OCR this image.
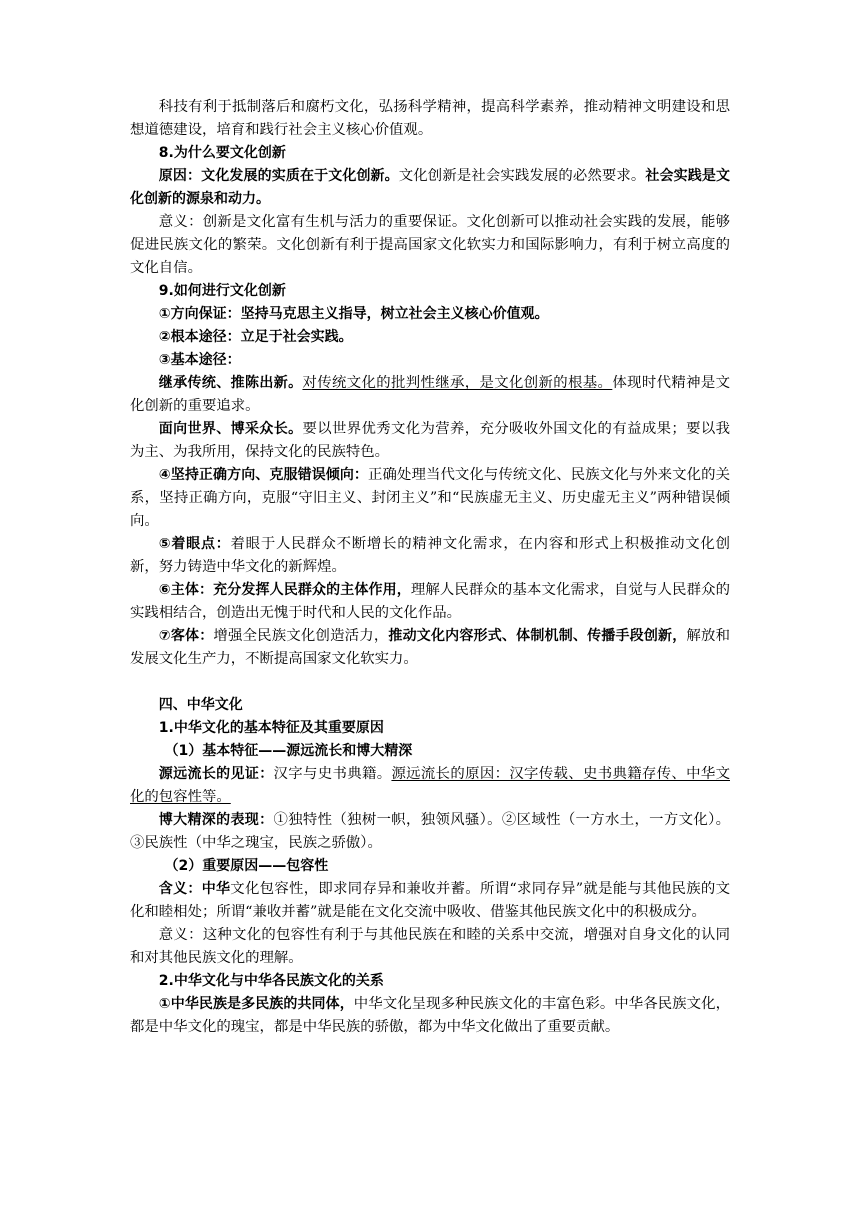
科技有利于抵制落后和腐朽文化，弘扬科学精神，提高科学素养，推动精神文明建设和思想道德建设，培育和践行社会主义核心价值观。

8.为什么要文化创新

原因：文化发展的实质在于文化创新。文化创新是社会实践发展的必然要求。社会实践是文化创新的源泉和动力。

意义：创新是文化富有生机与活力的重要保证。文化创新可以推动社会实践的发展，能够促进民族文化的繁荣。文化创新有利于提高国家文化软实力和国际影响力，有利于树立高度的文化自信。

9.如何进行文化创新

①方向保证：坚持马克思主义指导，树立社会主义核心价值观。

②根本途径：立足于社会实践。

③基本途径：

继承传统、推陈出新。对传统文化的批判性继承，是文化创新的根基。体现时代精神是文化创新的重要追求。

面向世界、博采众长。要以世界优秀文化为营养，充分吸收外国文化的有益成果；要以我为主、为我所用，保持文化的民族特色。

④坚持正确方向、克服错误倾向：正确处理当代文化与传统文化、民族文化与外来文化的关系，坚持正确方向，克服“守旧主义、封闭主义”和“民族虚无主义、历史虚无主义”两种错误倾向。

⑤着眼点：着眼于人民群众不断增长的精神文化需求，在内容和形式上积极推动文化创新，努力铸造中华文化的新辉煌。

⑥主体：充分发挥人民群众的主体作用，理解人民群众的基本文化需求，自觉与人民群众的实践相结合，创造出无愧于时代和人民的文化作品。

⑦客体：增强全民族文化创造活力，推动文化内容形式、体制机制、传播手段创新，解放和发展文化生产力，不断提高国家文化软实力。

四、中华文化

1.中华文化的基本特征及其重要原因

（1）基本特征——源远流长和博大精深

源远流长的见证：汉字与史书典籍。源远流长的原因：汉字传载、史书典籍存传、中华文化的包容性等。

博大精深的表现：①独特性（独树一帜，独领风骚）。②区域性（一方水土，一方文化）。③民族性（中华之瑰宝，民族之骄傲）。

（2）重要原因——包容性

含义：中华文化包容性，即求同存异和兼收并蓄。所谓“求同存异”就是能与其他民族的文化和睦相处；所谓“兼收并蓄”就是能在文化交流中吸收、借鉴其他民族文化中的积极成分。

意义：这种文化的包容性有利于与其他民族在和睦的关系中交流，增强对自身文化的认同和对其他民族文化的理解。

2.中华文化与中华各民族文化的关系

①中华民族是多民族的共同体，中华文化呈现多种民族文化的丰富色彩。中华各民族文化，都是中华文化的瑰宝，都是中华民族的骄傲，都为中华文化做出了重要贡献。
